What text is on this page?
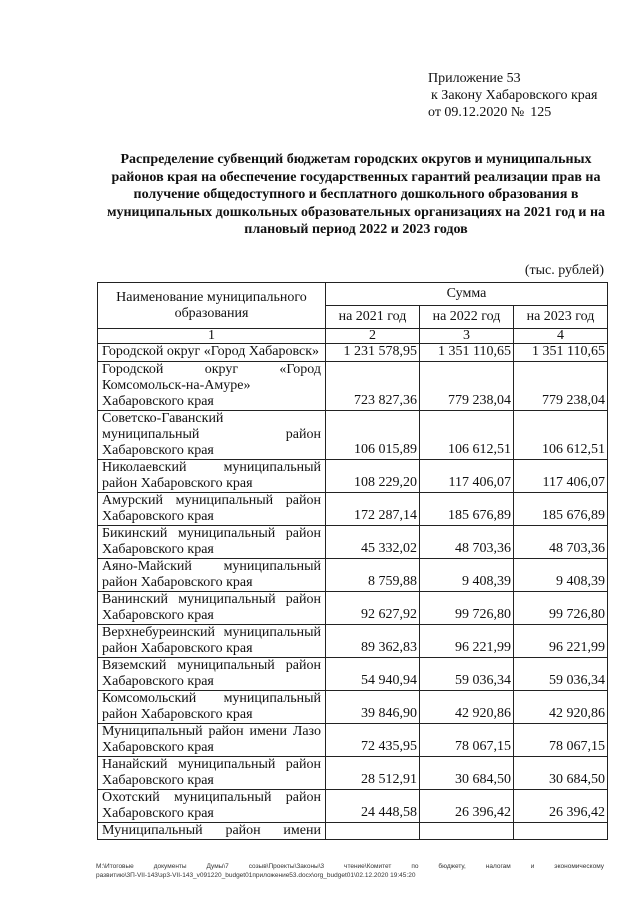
Приложение 53
к Закону Хабаровского края
от 09.12.2020 № 125
Распределение субвенций бюджетам городских округов и муниципальных районов края на обеспечение государственных гарантий реализации прав на получение общедоступного и бесплатного дошкольного образования в муниципальных дошкольных образовательных организациях на 2021 год и на плановый период 2022 и 2023 годов
(тыс. рублей)
Наименование муниципального образования	Сумма		
	на 2021 год	на 2022 год	на 2023 год
1	2	3	4
Городской округ «Город Хабаровск»	1 231 578,95	1 351 110,65	1 351 110,65
Городской округ «Город Комсомольск-на-Амуре» Хабаровского края	723 827,36	779 238,04	779 238,04
Советско-Гаванский муниципальный район Хабаровского края	106 015,89	106 612,51	106 612,51
Николаевский муниципальный район Хабаровского края	108 229,20	117 406,07	117 406,07
Амурский муниципальный район Хабаровского края	172 287,14	185 676,89	185 676,89
Бикинский муниципальный район Хабаровского края	45 332,02	48 703,36	48 703,36
Аяно-Майский муниципальный район Хабаровского края	8 759,88	9 408,39	9 408,39
Ванинский муниципальный район Хабаровского края	92 627,92	99 726,80	99 726,80
Верхнебуреинский муниципальный район Хабаровского края	89 362,83	96 221,99	96 221,99
Вяземский муниципальный район Хабаровского края	54 940,94	59 036,34	59 036,34
Комсомольский муниципальный район Хабаровского края	39 846,90	42 920,86	42 920,86
Муниципальный район имени Лазо Хабаровского края	72 435,95	78 067,15	78 067,15
Нанайский муниципальный район Хабаровского края	28 512,91	30 684,50	30 684,50
Охотский муниципальный район Хабаровского края	24 448,58	26 396,42	26 396,42
Муниципальный район имени			
M:\Итоговые документы Думы\7 созыв\Проекты\Законы\3 чтение\Комитет по бюджету, налогам и экономическому
развитию\3П-VII-143\зр3-VII-143_v091220_budget01приложение53.docx\org_budget01\02.12.2020 19:45:20
